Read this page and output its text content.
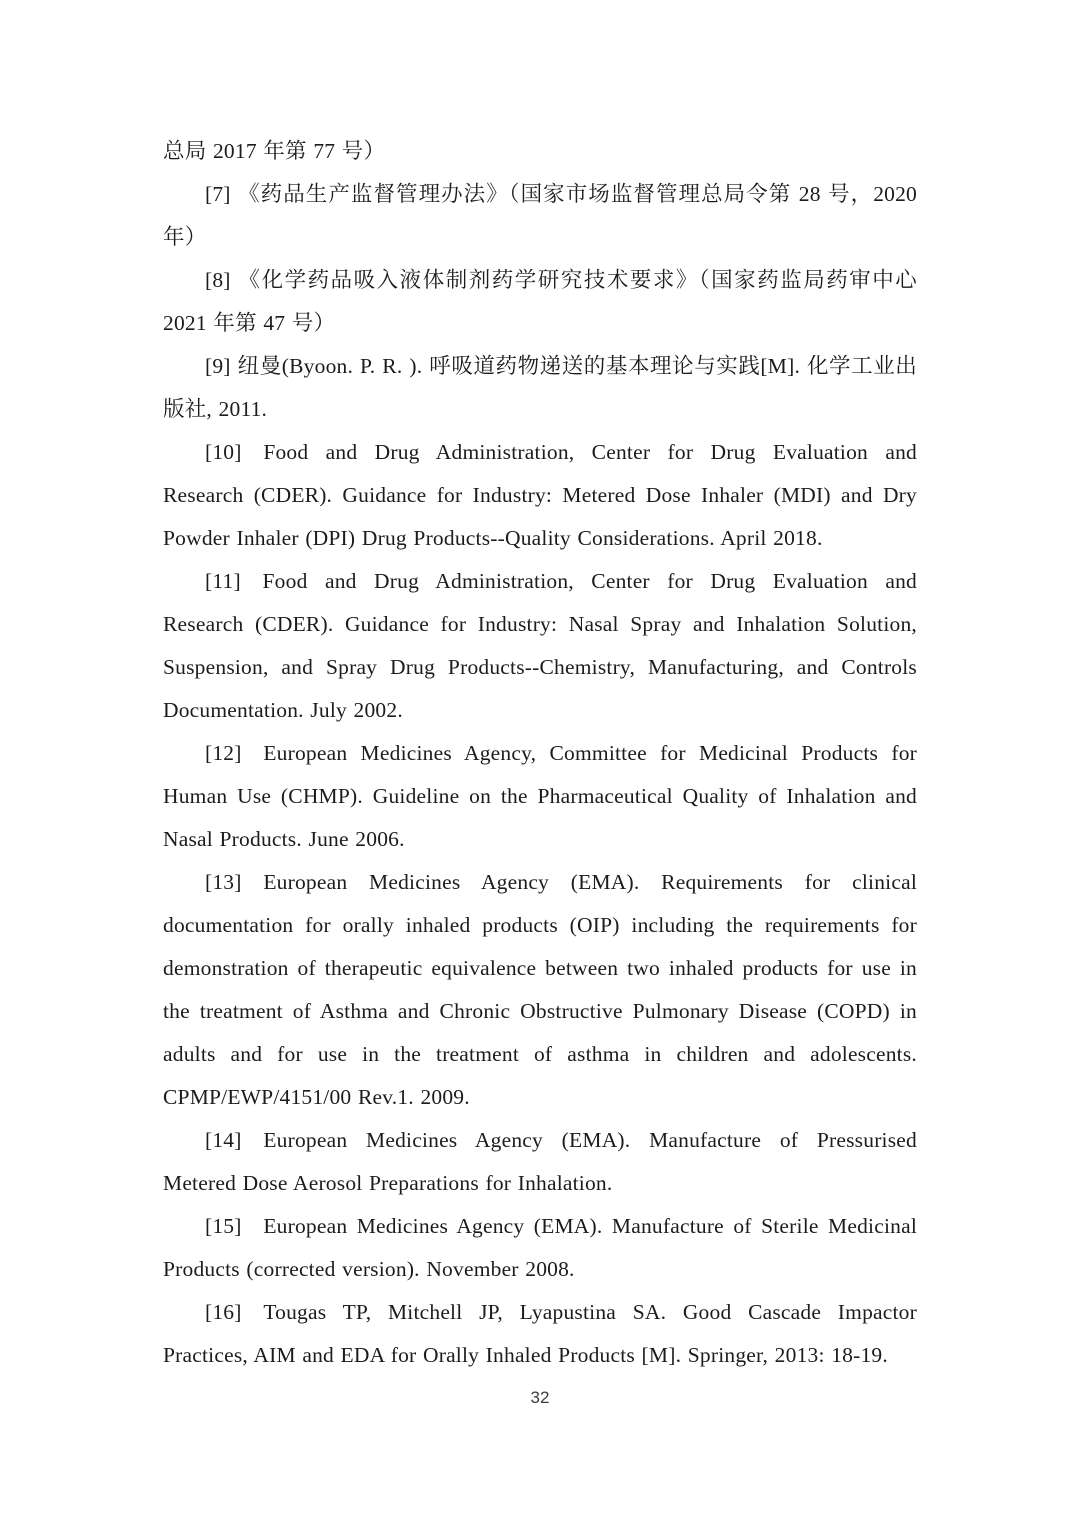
总局 2017 年第 77 号）

[7] 《药品生产监督管理办法》（国家市场监督管理总局令第 28 号，2020 年）

[8] 《化学药品吸入液体制剂药学研究技术要求》（国家药监局药审中心 2021 年第 47 号）

[9] 纽曼(Byoon. P. R. ). 呼吸道药物递送的基本理论与实践[M]. 化学工业出版社, 2011.

[10] Food and Drug Administration, Center for Drug Evaluation and Research (CDER). Guidance for Industry: Metered Dose Inhaler (MDI) and Dry Powder Inhaler (DPI) Drug Products--Quality Considerations. April 2018.

[11] Food and Drug Administration, Center for Drug Evaluation and Research (CDER). Guidance for Industry: Nasal Spray and Inhalation Solution, Suspension, and Spray Drug Products--Chemistry, Manufacturing, and Controls Documentation. July 2002.

[12] European Medicines Agency, Committee for Medicinal Products for Human Use (CHMP). Guideline on the Pharmaceutical Quality of Inhalation and Nasal Products. June 2006.

[13] European Medicines Agency (EMA). Requirements for clinical documentation for orally inhaled products (OIP) including the requirements for demonstration of therapeutic equivalence between two inhaled products for use in the treatment of Asthma and Chronic Obstructive Pulmonary Disease (COPD) in adults and for use in the treatment of asthma in children and adolescents. CPMP/EWP/4151/00 Rev.1. 2009.

[14] European Medicines Agency (EMA). Manufacture of Pressurised Metered Dose Aerosol Preparations for Inhalation.

[15] European Medicines Agency (EMA). Manufacture of Sterile Medicinal Products (corrected version). November 2008.

[16] Tougas TP, Mitchell JP, Lyapustina SA. Good Cascade Impactor Practices, AIM and EDA for Orally Inhaled Products [M]. Springer, 2013: 18-19.

32
